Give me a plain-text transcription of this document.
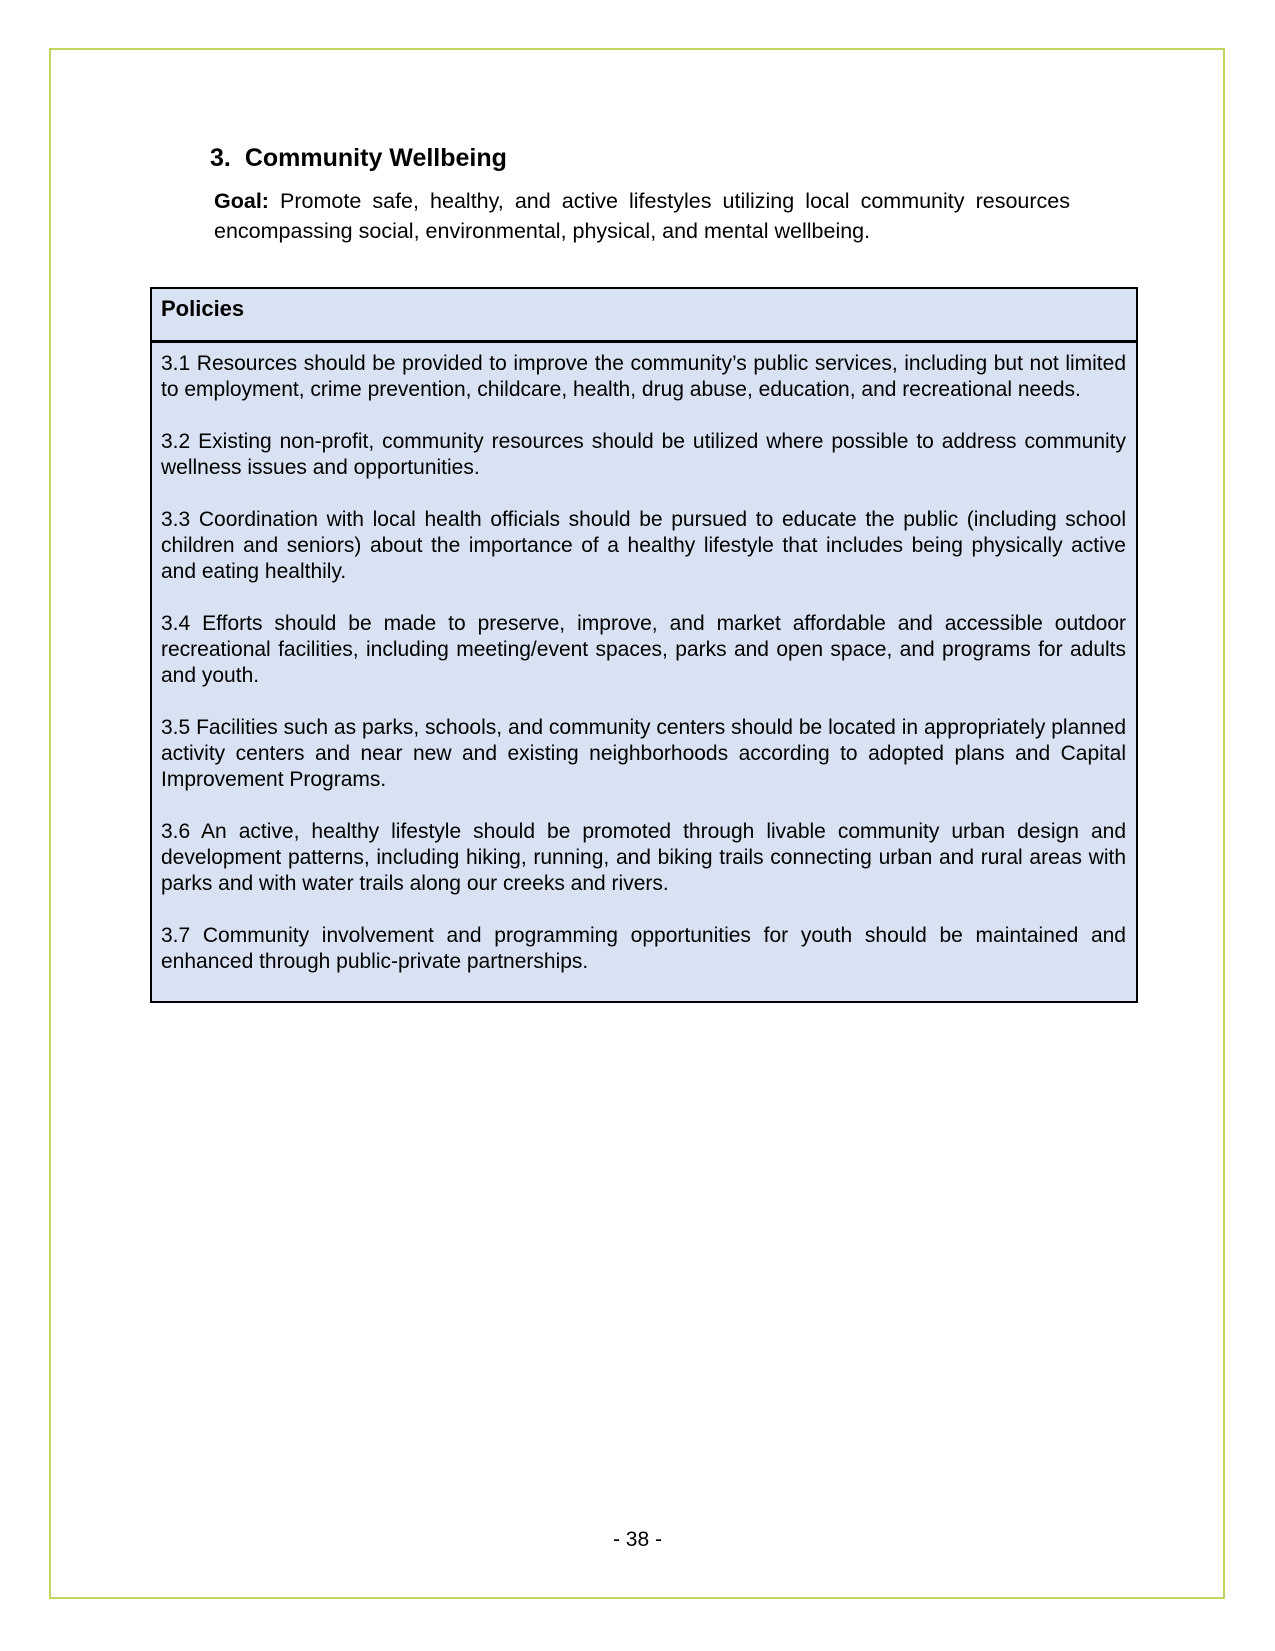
3. Community Wellbeing

Goal: Promote safe, healthy, and active lifestyles utilizing local community resources encompassing social, environmental, physical, and mental wellbeing.

Policies

3.1 Resources should be provided to improve the community’s public services, including but not limited to employment, crime prevention, childcare, health, drug abuse, education, and recreational needs.

3.2 Existing non-profit, community resources should be utilized where possible to address community wellness issues and opportunities.

3.3 Coordination with local health officials should be pursued to educate the public (including school children and seniors) about the importance of a healthy lifestyle that includes being physically active and eating healthily.

3.4 Efforts should be made to preserve, improve, and market affordable and accessible outdoor recreational facilities, including meeting/event spaces, parks and open space, and programs for adults and youth.

3.5 Facilities such as parks, schools, and community centers should be located in appropriately planned activity centers and near new and existing neighborhoods according to adopted plans and Capital Improvement Programs.

3.6 An active, healthy lifestyle should be promoted through livable community urban design and development patterns, including hiking, running, and biking trails connecting urban and rural areas with parks and with water trails along our creeks and rivers.

3.7 Community involvement and programming opportunities for youth should be maintained and enhanced through public-private partnerships.

- 38 -
